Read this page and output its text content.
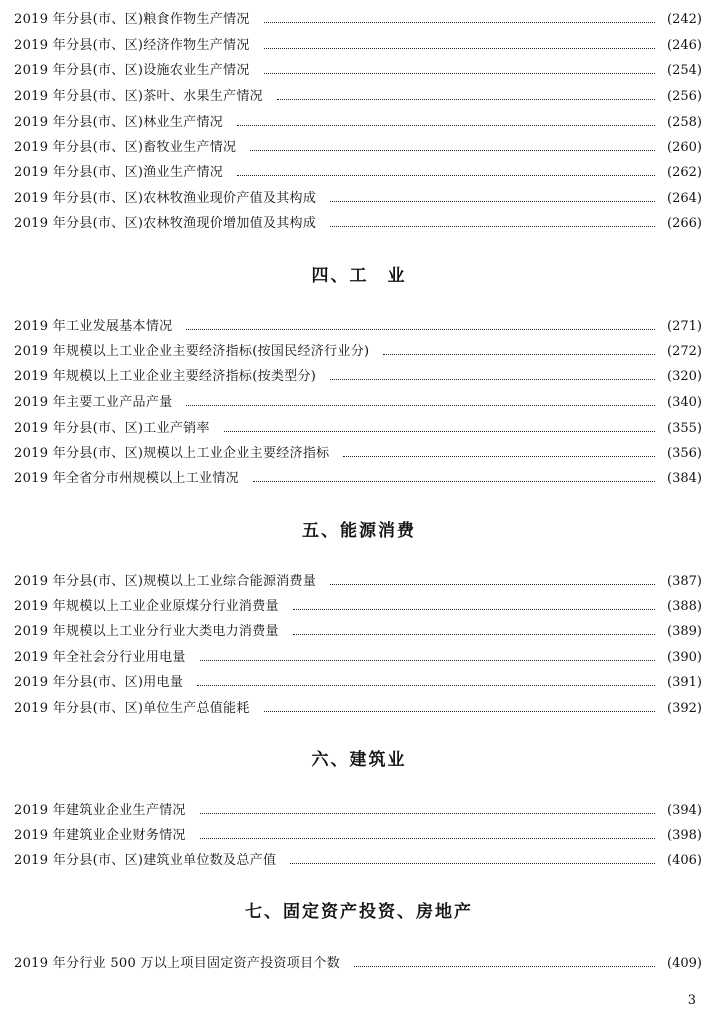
2019 年分县(市、区)粮食作物生产情况	(242)
2019 年分县(市、区)经济作物生产情况	(246)
2019 年分县(市、区)设施农业生产情况	(254)
2019 年分县(市、区)茶叶、水果生产情况	(256)
2019 年分县(市、区)林业生产情况	(258)
2019 年分县(市、区)畜牧业生产情况	(260)
2019 年分县(市、区)渔业生产情况	(262)
2019 年分县(市、区)农林牧渔业现价产值及其构成	(264)
2019 年分县(市、区)农林牧渔现价增加值及其构成	(266)
四、工　业
2019 年工业发展基本情况	(271)
2019 年规模以上工业企业主要经济指标(按国民经济行业分)	(272)
2019 年规模以上工业企业主要经济指标(按类型分)	(320)
2019 年主要工业产品产量	(340)
2019 年分县(市、区)工业产销率	(355)
2019 年分县(市、区)规模以上工业企业主要经济指标	(356)
2019 年全省分市州规模以上工业情况	(384)
五、能源消费
2019 年分县(市、区)规模以上工业综合能源消费量	(387)
2019 年规模以上工业企业原煤分行业消费量	(388)
2019 年规模以上工业分行业大类电力消费量	(389)
2019 年全社会分行业用电量	(390)
2019 年分县(市、区)用电量	(391)
2019 年分县(市、区)单位生产总值能耗	(392)
六、建筑业
2019 年建筑业企业生产情况	(394)
2019 年建筑业企业财务情况	(398)
2019 年分县(市、区)建筑业单位数及总产值	(406)
七、固定资产投资、房地产
2019 年分行业 500 万以上项目固定资产投资项目个数	(409)
3
